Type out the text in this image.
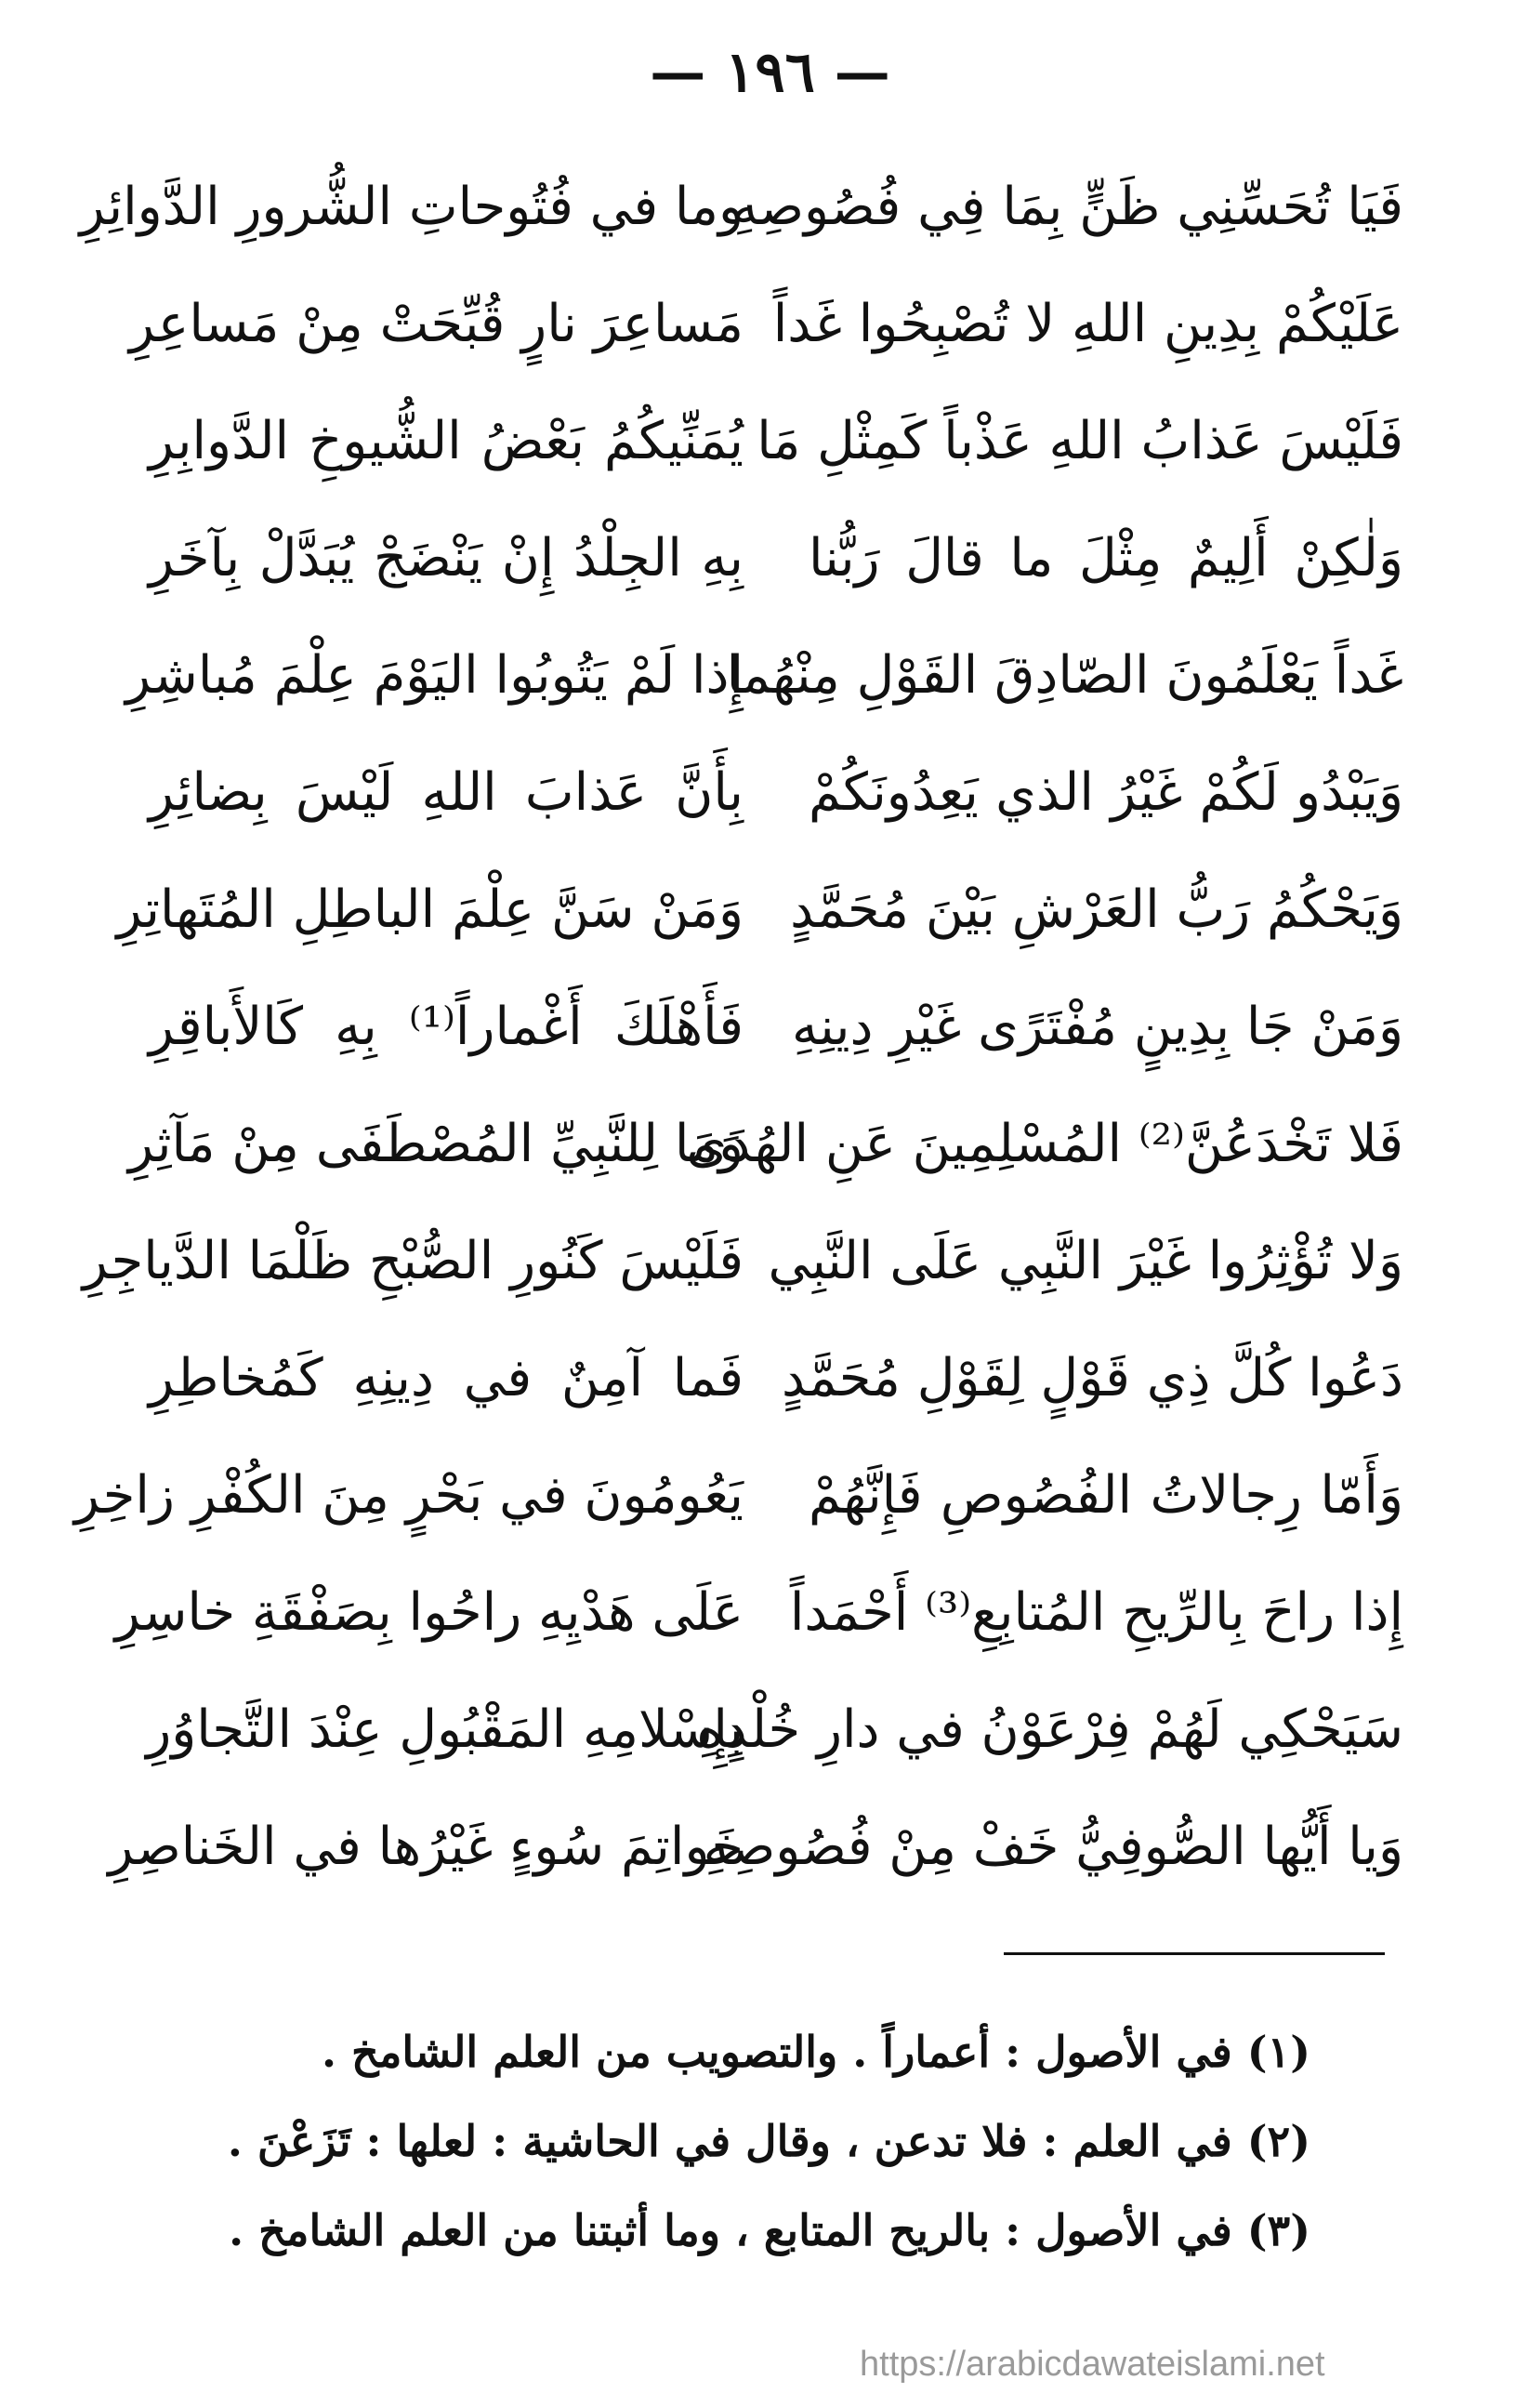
— ١٩٦ —
فَيَا تُحَسِّنِي ظَنٍّ بِمَا فِي فُصُوصِهِ
وما في فُتُوحاتِ الشُّرورِ الدَّوائِرِ
عَلَيْكُمْ بِدِينِ اللهِ لا تُصْبِحُوا غَداً
مَساعِرَ نارٍ قُبِّحَتْ مِنْ مَساعِرِ
فَلَيْسَ عَذابُ اللهِ عَذْباً كَمِثْلِ مَا
يُمَنِّيكُمُ بَعْضُ الشُّيوخِ الدَّوابِرِ
وَلٰكِنْ أَلِيمٌ مِثْلَ ما قالَ رَبُّنا
بِهِ الجِلْدُ إِنْ يَنْضَجْ يُبَدَّلْ بِآخَرِ
غَداً يَعْلَمُونَ الصّادِقَ القَوْلِ مِنْهُما
إِذا لَمْ يَتُوبُوا اليَوْمَ عِلْمَ مُباشِرِ
وَيَبْدُو لَكُمْ غَيْرُ الذي يَعِدُونَكُمْ
بِأَنَّ عَذابَ اللهِ لَيْسَ بِضائِرِ
وَيَحْكُمُ رَبُّ العَرْشِ بَيْنَ مُحَمَّدٍ
وَمَنْ سَنَّ عِلْمَ الباطِلِ المُتَهاتِرِ
وَمَنْ جَا بِدِينٍ مُفْتَرًى غَيْرِ دِينِهِ
فَأَهْلَكَ أَغْماراً⁽¹⁾ بِهِ كَالأَباقِرِ
فَلا تَخْدَعُنَّ⁽²⁾ المُسْلِمِينَ عَنِ الهُدَى
وَمَا لِلنَّبِيِّ المُصْطَفَى مِنْ مَآثِرِ
وَلا تُؤْثِرُوا غَيْرَ النَّبِي عَلَى النَّبِي
فَلَيْسَ كَنُورِ الصُّبْحِ ظَلْمَا الدَّياجِرِ
دَعُوا كُلَّ ذِي قَوْلٍ لِقَوْلِ مُحَمَّدٍ
فَما آمِنٌ في دِينِهِ كَمُخاطِرِ
وَأَمّا رِجالاتُ الفُصُوصِ فَإِنَّهُمْ
يَعُومُونَ في بَحْرٍ مِنَ الكُفْرِ زاخِرِ
إِذا راحَ بِالرِّيحِ المُتابِعِ⁽³⁾ أَحْمَداً
عَلَى هَدْيِهِ راحُوا بِصَفْقَةِ خاسِرِ
سَيَحْكِي لَهُمْ فِرْعَوْنُ في دارِ خُلْدِهِ
بِإِسْلامِهِ المَقْبُولِ عِنْدَ التَّجاوُرِ
وَيا أَيُّها الصُّوفِيُّ خَفْ مِنْ فُصُوصِهِ
خَواتِمَ سُوءٍ غَيْرُها في الخَناصِرِ
(١) في الأصول : أعماراً . والتصويب من العلم الشامخ .
(٢) في العلم : فلا تدعن ، وقال في الحاشية : لعلها : تَزَعْنَ .
(٣) في الأصول : بالريح المتابع ، وما أثبتنا من العلم الشامخ .
https://arabicdawateislami.net
